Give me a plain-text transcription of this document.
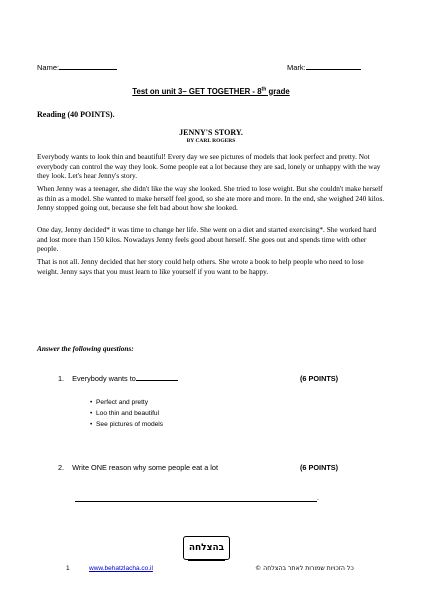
Name:	Mark:
Test on unit 3– GET TOGETHER - 8th grade
Reading (40 POINTS).
JENNY'S STORY.
BY CARL ROGERS

Everybody wants to look thin and beautiful! Every day we see pictures of models that look perfect and pretty. Not everybody can control the way they look. Some people eat a lot because they are sad, lonely or unhappy with the way they look. Let's hear Jenny's story.

When Jenny was a teenager, she didn't like the way she looked. She tried to lose weight. But she couldn't make herself as thin as a model. She wanted to make herself feel good, so she ate more and more. In the end, she weighed 240 kilos. Jenny stopped going out, because she felt bad about how she looked.

One day, Jenny decided* it was time to change her life. She went on a diet and started exercising*. She worked hard and lost more than 150 kilos. Nowadays Jenny feels good about herself. She goes out and spends time with other people.

That is not all. Jenny decided that her story could help others. She wrote a book to help people who need to lose weight. Jenny says that you must learn to like yourself if you want to be happy.

Answer the following questions:
1. Everybody wants to	(6 POINTS)
• Perfect and pretty
• Loo thin and beautiful
• See pictures of models
2. Write ONE reason why some people eat a lot	(6 POINTS)
.
בהצלחה
1	www.behatzlacha.co.il	כל הזכויות שמורות לאתר בהצלחה ©
